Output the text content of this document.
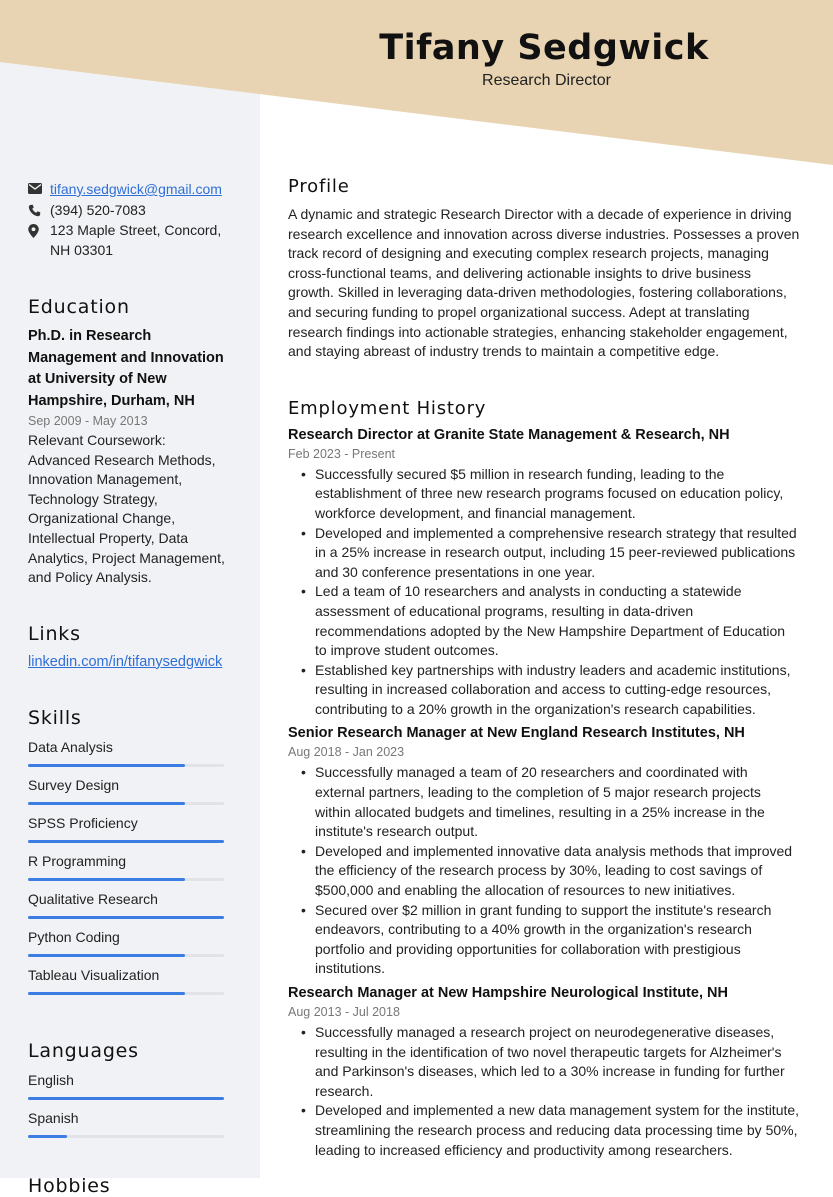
Tifany Sedgwick
Research Director
tifany.sedgwick@gmail.com
(394) 520-7083
123 Maple Street, Concord, NH 03301
Education
Ph.D. in Research Management and Innovation at University of New Hampshire, Durham, NH
Sep 2009 - May 2013
Relevant Coursework: Advanced Research Methods, Innovation Management, Technology Strategy, Organizational Change, Intellectual Property, Data Analytics, Project Management, and Policy Analysis.
Links
linkedin.com/in/tifanysedgwick
Skills
Data Analysis
Survey Design
SPSS Proficiency
R Programming
Qualitative Research
Python Coding
Tableau Visualization
Languages
English
Spanish
Hobbies
Profile
A dynamic and strategic Research Director with a decade of experience in driving research excellence and innovation across diverse industries. Possesses a proven track record of designing and executing complex research projects, managing cross-functional teams, and delivering actionable insights to drive business growth. Skilled in leveraging data-driven methodologies, fostering collaborations, and securing funding to propel organizational success. Adept at translating research findings into actionable strategies, enhancing stakeholder engagement, and staying abreast of industry trends to maintain a competitive edge.
Employment History
Research Director at Granite State Management & Research, NH
Feb 2023 - Present
• Successfully secured $5 million in research funding, leading to the establishment of three new research programs focused on education policy, workforce development, and financial management.
• Developed and implemented a comprehensive research strategy that resulted in a 25% increase in research output, including 15 peer-reviewed publications and 30 conference presentations in one year.
• Led a team of 10 researchers and analysts in conducting a statewide assessment of educational programs, resulting in data-driven recommendations adopted by the New Hampshire Department of Education to improve student outcomes.
• Established key partnerships with industry leaders and academic institutions, resulting in increased collaboration and access to cutting-edge resources, contributing to a 20% growth in the organization's research capabilities.
Senior Research Manager at New England Research Institutes, NH
Aug 2018 - Jan 2023
• Successfully managed a team of 20 researchers and coordinated with external partners, leading to the completion of 5 major research projects within allocated budgets and timelines, resulting in a 25% increase in the institute's research output.
• Developed and implemented innovative data analysis methods that improved the efficiency of the research process by 30%, leading to cost savings of $500,000 and enabling the allocation of resources to new initiatives.
• Secured over $2 million in grant funding to support the institute's research endeavors, contributing to a 40% growth in the organization's research portfolio and providing opportunities for collaboration with prestigious institutions.
Research Manager at New Hampshire Neurological Institute, NH
Aug 2013 - Jul 2018
• Successfully managed a research project on neurodegenerative diseases, resulting in the identification of two novel therapeutic targets for Alzheimer's and Parkinson's diseases, which led to a 30% increase in funding for further research.
• Developed and implemented a new data management system for the institute, streamlining the research process and reducing data processing time by 50%, leading to increased efficiency and productivity among researchers.
